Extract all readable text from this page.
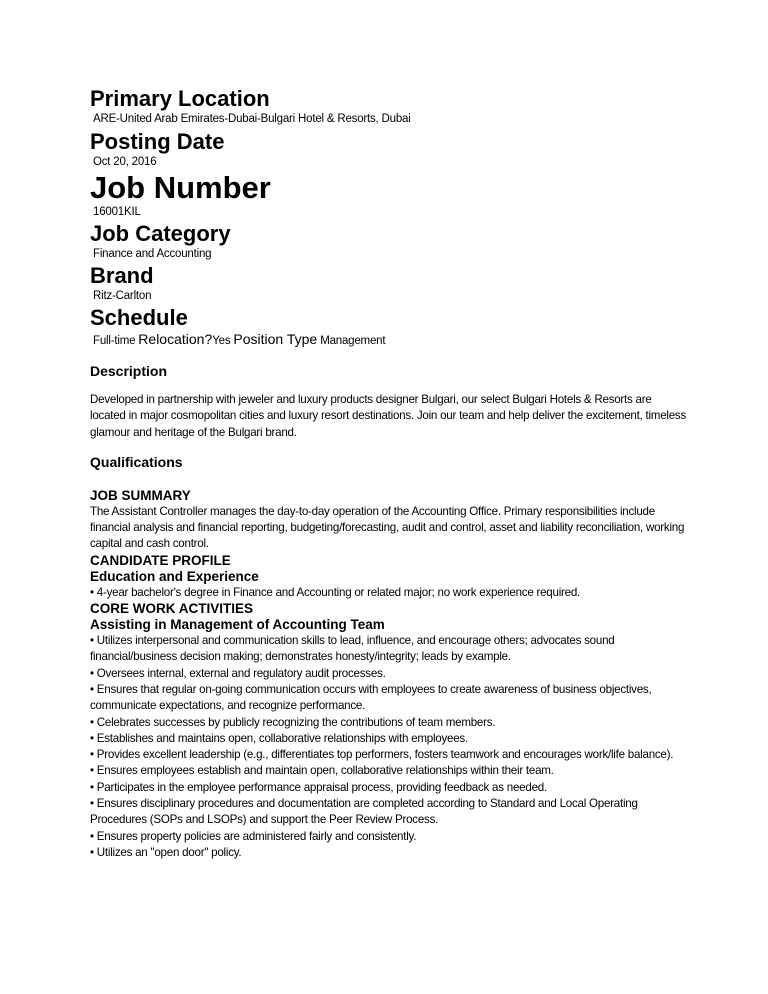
Primary Location

ARE-United Arab Emirates-Dubai-Bulgari Hotel & Resorts, Dubai

Posting Date

Oct 20, 2016

Job Number

16001KIL

Job Category

Finance and Accounting

Brand

Ritz-Carlton

Schedule

Full-time Relocation?Yes Position Type Management

Description

Developed in partnership with jeweler and luxury products designer Bulgari, our select Bulgari Hotels & Resorts are located in major cosmopolitan cities and luxury resort destinations. Join our team and help deliver the excitement, timeless glamour and heritage of the Bulgari brand.

Qualifications
JOB SUMMARY

The Assistant Controller manages the day-to-day operation of the Accounting Office. Primary responsibilities include financial analysis and financial reporting, budgeting/forecasting, audit and control, asset and liability reconciliation, working capital and cash control.

CANDIDATE PROFILE
Education and Experience
• 4-year bachelor's degree in Finance and Accounting or related major; no work experience required.
CORE WORK ACTIVITIES
Assisting in Management of Accounting Team
• Utilizes interpersonal and communication skills to lead, influence, and encourage others; advocates sound financial/business decision making; demonstrates honesty/integrity; leads by example.
• Oversees internal, external and regulatory audit processes.
• Ensures that regular on-going communication occurs with employees to create awareness of business objectives, communicate expectations, and recognize performance.
• Celebrates successes by publicly recognizing the contributions of team members.
• Establishes and maintains open, collaborative relationships with employees.
• Provides excellent leadership (e.g., differentiates top performers, fosters teamwork and encourages work/life balance).
• Ensures employees establish and maintain open, collaborative relationships within their team.
• Participates in the employee performance appraisal process, providing feedback as needed.
• Ensures disciplinary procedures and documentation are completed according to Standard and Local Operating Procedures (SOPs and LSOPs) and support the Peer Review Process.
• Ensures property policies are administered fairly and consistently.
• Utilizes an "open door" policy.
